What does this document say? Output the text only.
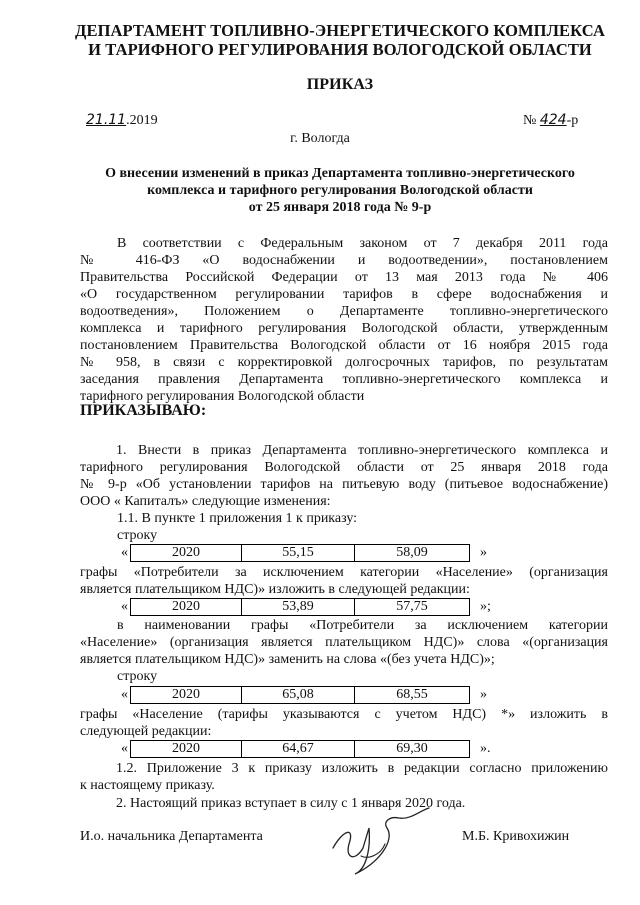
ДЕПАРТАМЕНТ ТОПЛИВНО-ЭНЕРГЕТИЧЕСКОГО КОМПЛЕКСА
И ТАРИФНОГО РЕГУЛИРОВАНИЯ ВОЛОГОДСКОЙ ОБЛАСТИ
ПРИКАЗ
21.11.2019	№ 424-р
г. Вологда
О внесении изменений в приказ Департамента топливно-энергетического
комплекса и тарифного регулирования Вологодской области
от 25 января 2018 года № 9-р
В соответствии с Федеральным законом от 7 декабря 2011 года
№ 416-ФЗ «О водоснабжении и водоотведении», постановлением
Правительства Российской Федерации от 13 мая 2013 года № 406
«О государственном регулировании тарифов в сфере водоснабжения и
водоотведения», Положением о Департаменте топливно-энергетического
комплекса и тарифного регулирования Вологодской области, утвержденным
постановлением Правительства Вологодской области от 16 ноября 2015 года
№ 958, в связи с корректировкой долгосрочных тарифов, по результатам
заседания правления Департамента топливно-энергетического комплекса и
тарифного регулирования Вологодской области
ПРИКАЗЫВАЮ:
1. Внести в приказ Департамента топливно-энергетического комплекса и
тарифного регулирования Вологодской области от 25 января 2018 года
№ 9-р «Об установлении тарифов на питьевую воду (питьевое водоснабжение)
ООО « Капиталъ» следующие изменения:
1.1. В пункте 1 приложения 1 к приказу:
строку
«	2020	55,15	58,09	»
графы «Потребители за исключением категории «Население» (организация
является плательщиком НДС)» изложить в следующей редакции:
«	2020	53,89	57,75	»;
в наименовании графы «Потребители за исключением категории
«Население» (организация является плательщиком НДС)» слова «(организация
является плательщиком НДС)» заменить на слова «(без учета НДС)»;
строку
«	2020	65,08	68,55	»
графы «Население (тарифы указываются с учетом НДС) *» изложить в
следующей редакции:
«	2020	64,67	69,30	».
1.2. Приложение 3 к приказу изложить в редакции согласно приложению
к настоящему приказу.
2. Настоящий приказ вступает в силу с 1 января 2020 года.
И.о. начальника Департамента	М.Б. Кривохижин
